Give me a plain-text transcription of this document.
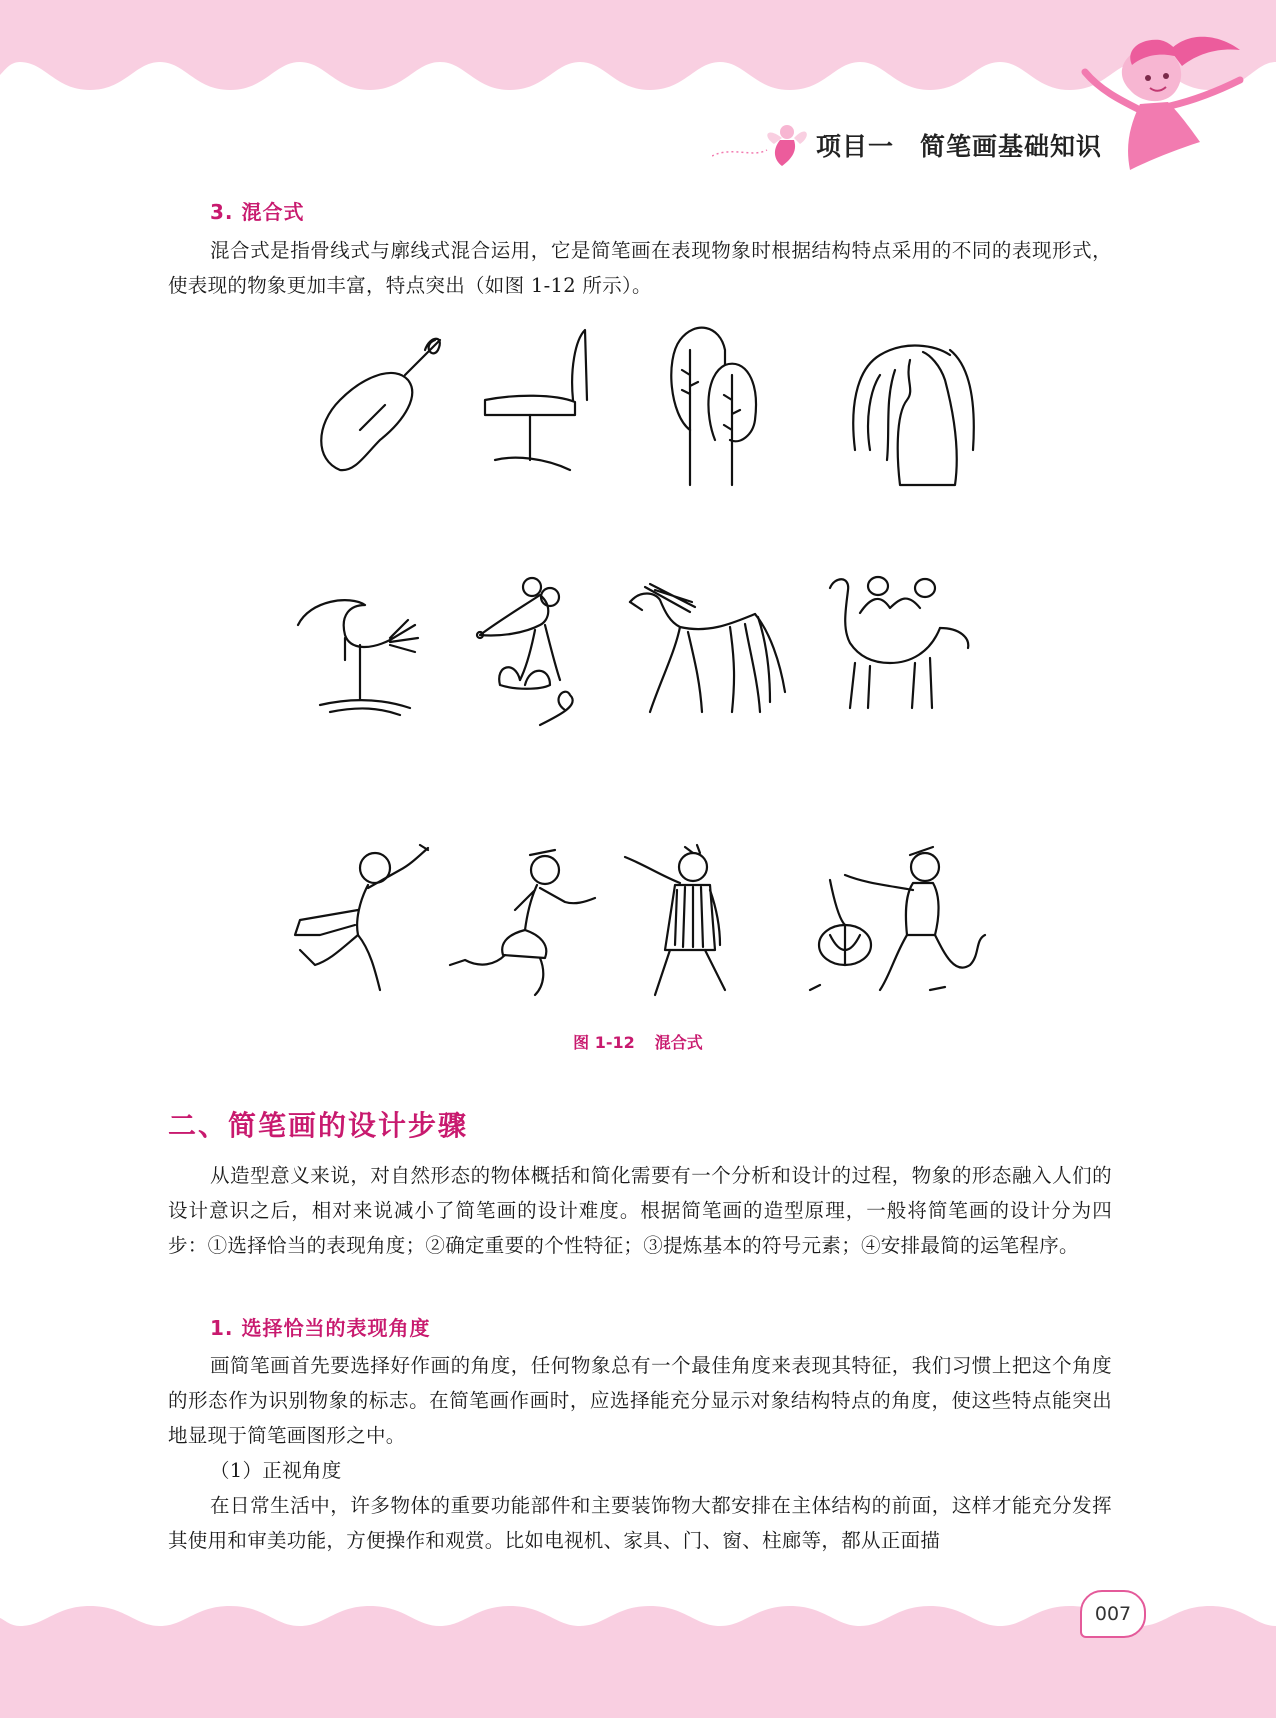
项目一 简笔画基础知识
3. 混合式
混合式是指骨线式与廓线式混合运用，它是简笔画在表现物象时根据结构特点采用的不同的表现形式，使表现的物象更加丰富，特点突出（如图 1-12 所示）。
图 1-12 混合式
二、简笔画的设计步骤
从造型意义来说，对自然形态的物体概括和简化需要有一个分析和设计的过程，物象的形态融入人们的设计意识之后，相对来说减小了简笔画的设计难度。根据简笔画的造型原理，一般将简笔画的设计分为四步：①选择恰当的表现角度；②确定重要的个性特征；③提炼基本的符号元素；④安排最简的运笔程序。
1. 选择恰当的表现角度
画简笔画首先要选择好作画的角度，任何物象总有一个最佳角度来表现其特征，我们习惯上把这个角度的形态作为识别物象的标志。在简笔画作画时，应选择能充分显示对象结构特点的角度，使这些特点能突出地显现于简笔画图形之中。
（1）正视角度
在日常生活中，许多物体的重要功能部件和主要装饰物大都安排在主体结构的前面，这样才能充分发挥其使用和审美功能，方便操作和观赏。比如电视机、家具、门、窗、柱廊等，都从正面描
007
